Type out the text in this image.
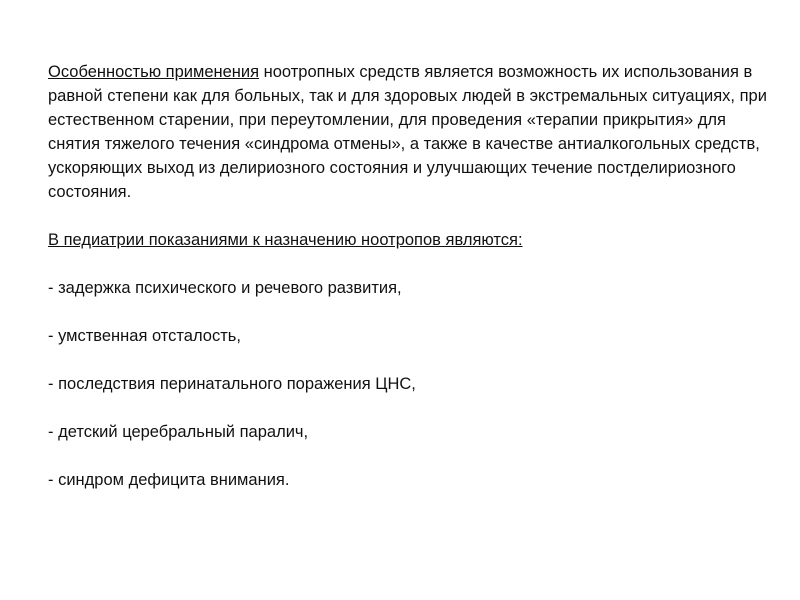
Особенностью применения ноотропных средств является возможность их использования в равной степени как для больных, так и для здоровых людей в экстремальных ситуациях, при естественном старении, при переутомлении, для проведения «терапии прикрытия» для снятия тяжелого течения «синдрома отмены», а также в качестве антиалкогольных средств, ускоряющих выход из делириозного состояния и улучшающих течение постделириозного состояния.

В педиатрии показаниями к назначению ноотропов являются:

- задержка психического и речевого развития,
- умственная отсталость,
- последствия перинатального поражения ЦНС,
- детский церебральный паралич,
- синдром дефицита внимания.
